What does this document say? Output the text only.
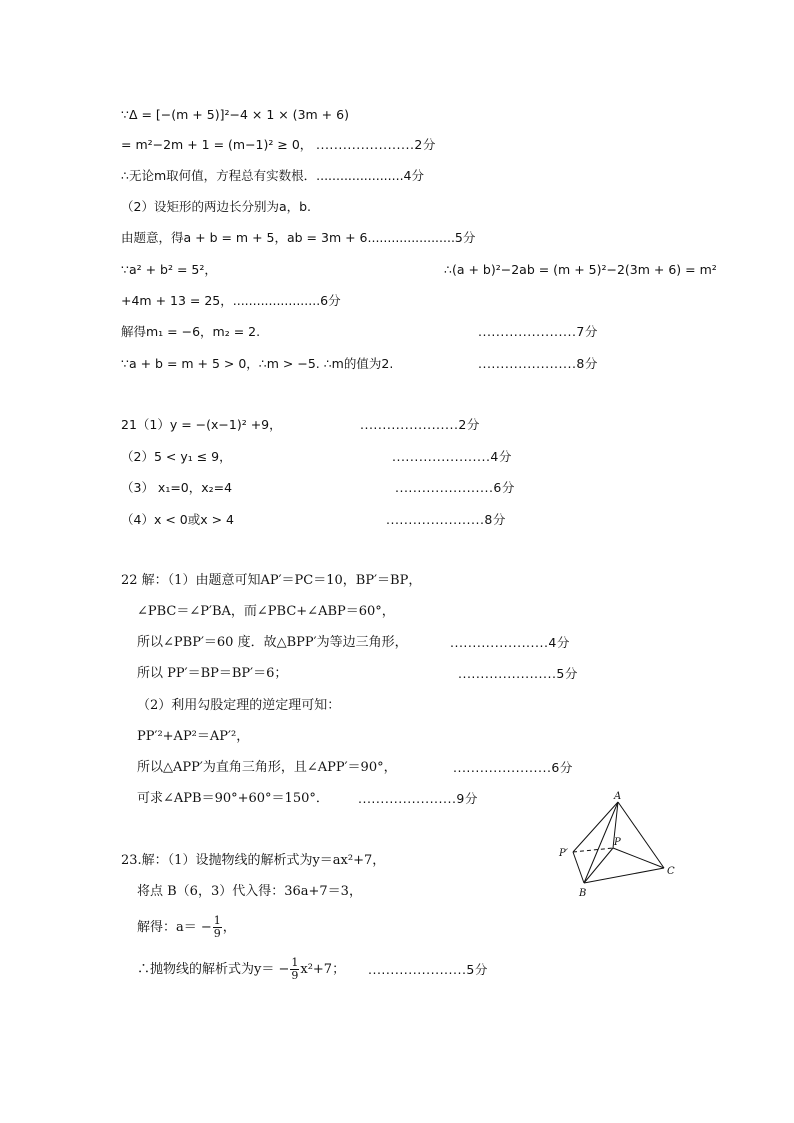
∵Δ = [−(m + 5)]²−4 × 1 × (3m + 6)
= m²−2m + 1 = (m−1)² ≥ 0， ......................2分
∴无论m取何值，方程总有实数根．......................4分
（2）设矩形的两边长分别为a，b.
由题意，得a + b = m + 5，ab = 3m + 6......................5分
∵a² + b² = 5²，	∴(a + b)²−2ab = (m + 5)²−2(3m + 6) = m²
+4m + 13 = 25，......................6分
解得m₁ = −6，m₂ = 2.	......................7分
∵a + b = m + 5 > 0，∴m > −5. ∴m的值为2.	......................8分
21（1）y = −(x−1)² +9，	......................2分
（2）5 < y₁ ≤ 9，	......................4分
（3） x₁=0，x₂=4	......................6分
（4）x < 0或x > 4	......................8分
22 解：（1）由题意可知AP′＝PC＝10，BP′＝BP，
∠PBC＝∠P′BA，而∠PBC+∠ABP＝60°，
所以∠PBP′＝60 度．故△BPP′为等边三角形，	......................4分
所以 PP′＝BP＝BP′＝6；	......................5分
（2）利用勾股定理的逆定理可知：
PP′²+AP²＝AP′²，
所以△APP′为直角三角形，且∠APP′＝90°，	......................6分
可求∠APB＝90°+60°＝150°． ......................9分	A
P′
P
B
C
23.解：（1）设抛物线的解析式为y＝ax²+7，
将点 B（6，3）代入得：36a+7＝3，
解得：$a= - \frac{1}{9}$ ，
∴抛物线的解析式为$y= - \frac{1}{9} x^2+7$； ......................5分
